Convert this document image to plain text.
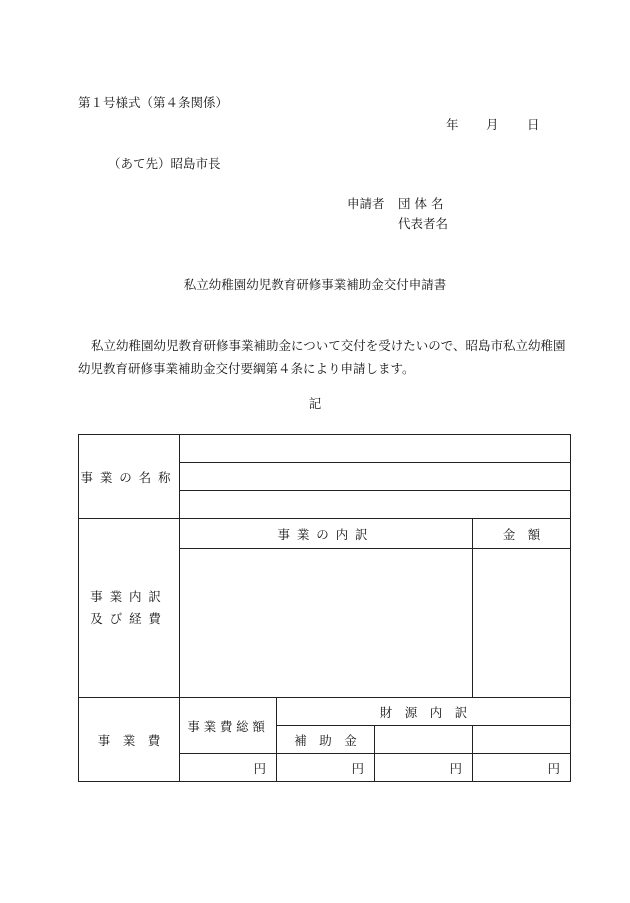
第１号様式（第４条関係）
年 月 日
（あて先）昭島市長
申請者 団 体 名
代表者名
私立幼稚園幼児教育研修事業補助金交付申請書
私立幼稚園幼児教育研修事業補助金について交付を受けたいので、昭島市私立幼稚園幼児教育研修事業補助金交付要綱第４条により申請します。
記
事業の名称				

事業内訳
及び経費	事業の内訳			金　額

事　業　費	事業費総額	財　源　内　訳		
		補　助　金		
	円	円	円	円
